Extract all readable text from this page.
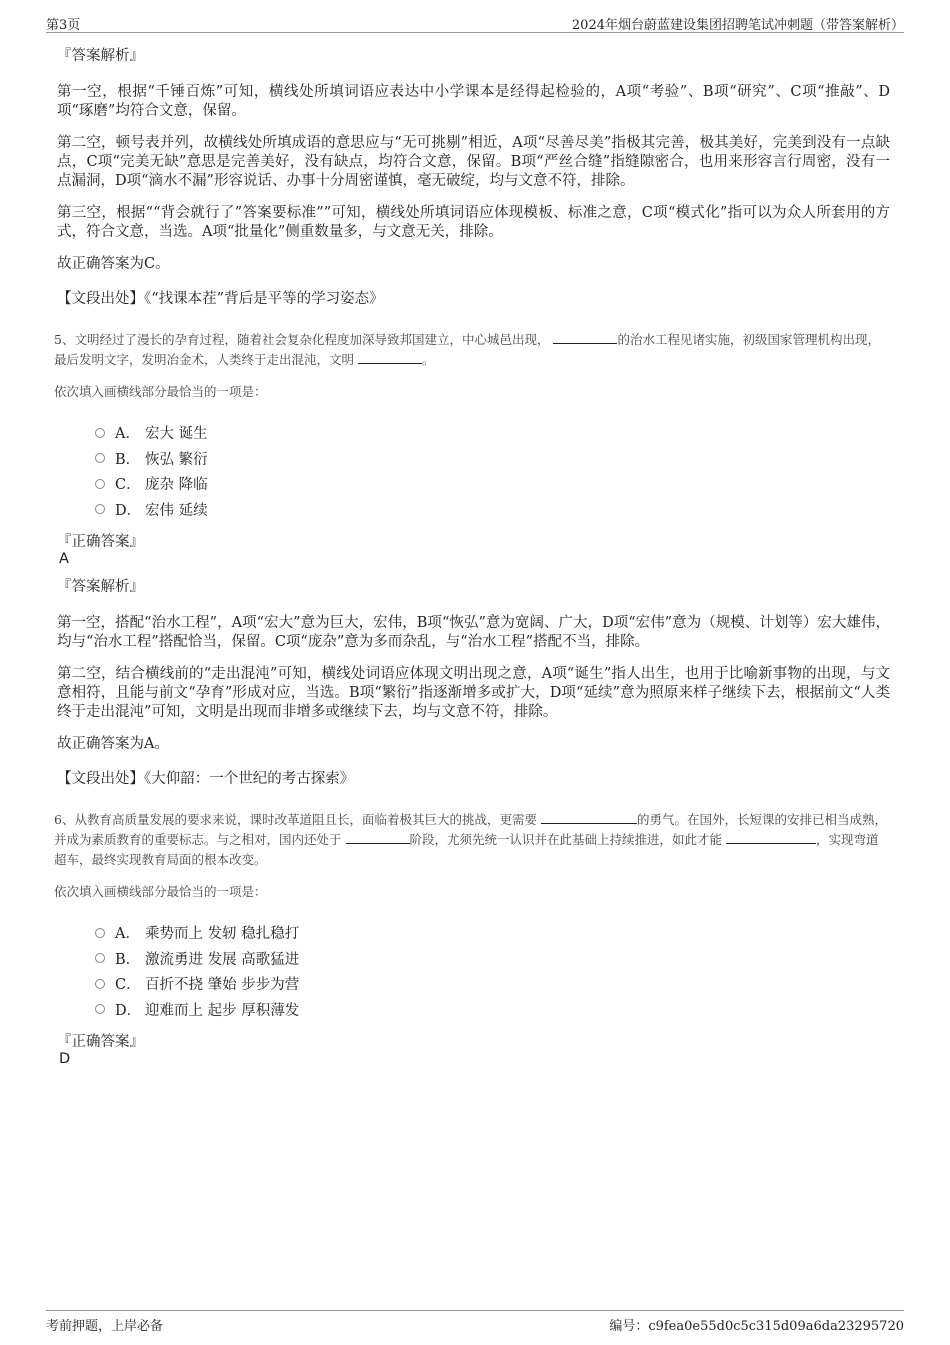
第3页	2024年烟台蔚蓝建设集团招聘笔试冲刺题（带答案解析）

『答案解析』

第一空，根据“千锤百炼”可知，横线处所填词语应表达中小学课本是经得起检验的，A项“考验”、B项“研究”、C项“推敲”、D项“琢磨”均符合文意，保留。

第二空，顿号表并列，故横线处所填成语的意思应与“无可挑剔”相近，A项“尽善尽美”指极其完善，极其美好，完美到没有一点缺点，C项“完美无缺”意思是完善美好，没有缺点，均符合文意，保留。B项“严丝合缝”指缝隙密合，也用来形容言行周密，没有一点漏洞，D项“滴水不漏”形容说话、办事十分周密谨慎，毫无破绽，均与文意不符，排除。

第三空，根据““背会就行了”答案要标准””可知，横线处所填词语应体现模板、标准之意，C项“模式化”指可以为众人所套用的方式，符合文意，当选。A项“批量化”侧重数量多，与文意无关，排除。

故正确答案为C。

【文段出处】《“找课本茬”背后是平等的学习姿态》

5、文明经过了漫长的孕育过程，随着社会复杂化程度加深导致邦国建立，中心城邑出现，	的治水工程见诸实施，初级国家管理机构出现，最后发明文字，发明冶金术，人类终于走出混沌，文明	。

依次填入画横线部分最恰当的一项是：

A． 宏大 诞生
B． 恢弘 繁衍
C． 庞杂 降临
D． 宏伟 延续

『正确答案』

A

『答案解析』

第一空，搭配“治水工程”，A项“宏大”意为巨大，宏伟，B项“恢弘”意为宽阔、广大，D项“宏伟”意为（规模、计划等）宏大雄伟，均与“治水工程”搭配恰当，保留。C项“庞杂”意为多而杂乱，与“治水工程”搭配不当，排除。

第二空，结合横线前的“走出混沌”可知，横线处词语应体现文明出现之意，A项“诞生”指人出生，也用于比喻新事物的出现，与文意相符，且能与前文“孕育”形成对应，当选。B项“繁衍”指逐渐增多或扩大，D项“延续”意为照原来样子继续下去，根据前文“人类终于走出混沌”可知，文明是出现而非增多或继续下去，均与文意不符，排除。

故正确答案为A。

【文段出处】《大仰韶：一个世纪的考古探索》

6、从教育高质量发展的要求来说，课时改革道阻且长，面临着极其巨大的挑战，更需要	的勇气。在国外，长短课的安排已相当成熟，并成为素质教育的重要标志。与之相对，国内还处于	阶段，尤须先统一认识并在此基础上持续推进，如此才能	，实现弯道超车，最终实现教育局面的根本改变。

依次填入画横线部分最恰当的一项是：

A． 乘势而上 发轫 稳扎稳打
B． 激流勇进 发展 高歌猛进
C． 百折不挠 肇始 步步为营
D． 迎难而上 起步 厚积薄发

『正确答案』

D

考前押题，上岸必备	编号：c9fea0e55d0c5c315d09a6da23295720
